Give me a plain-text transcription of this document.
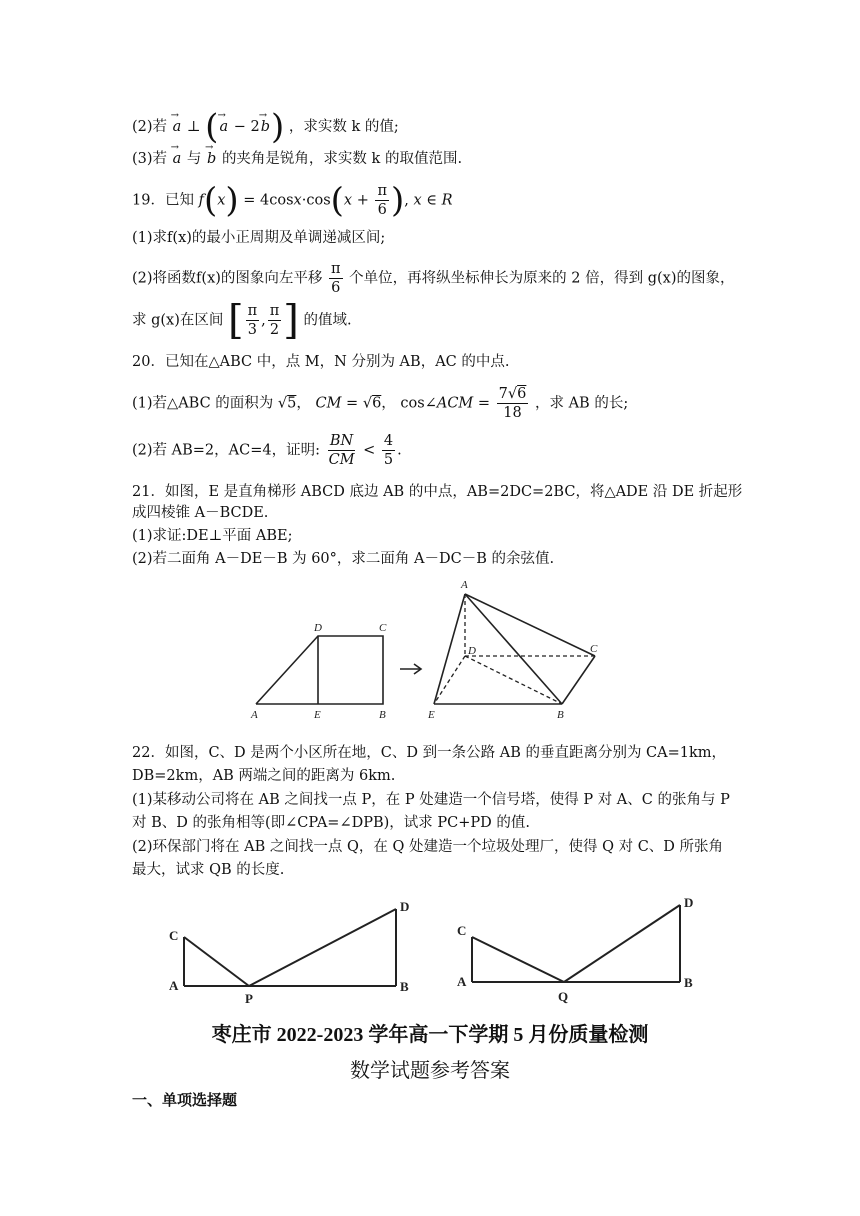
(2)若 → a ⊥ (→ a − 2→ b) ，求实数 k 的值;
(3)若 → a 与 → b 的夹角是锐角，求实数 k 的取值范围.
19．已知 $f(x) = 4\cos x\cdot\cos(x + \frac{\pi}{6}$ ), x ∈ R
(1)求f(x)的最小正周期及单调递减区间;
(2)将函数f(x)的图象向左平移 $\frac{\pi}{6}$ 个单位，再将纵坐标伸长为原来的 2 倍，得到 g(x)的图象，
求 g(x)在区间 [ $\frac{\pi}{3}$ , $\frac{\pi}{2}$ ] 的值域.
20．已知在△ABC 中，点 M，N 分别为 AB，AC 的中点.
(1)若△ABC 的面积为 √5， CM = √6， cos∠ACM = $\frac{7√6}{18}$ ，求 AB 的长;
(2)若 AB=2，AC=4，证明: $\frac{BN}{CM} < \frac{4}{5}$ .
21．如图，E 是直角梯形 ABCD 底边 AB 的中点，AB=2DC=2BC，将△ADE 沿 DE 折起形
成四棱锥 A－BCDE.
(1)求证:DE⊥平面 ABE;
(2)若二面角 A－DE－B 为 60°，求二面角 A－DC－B 的余弦值.
D	C
A	E	B
A
D	C
E	B
22．如图，C、D 是两个小区所在地，C、D 到一条公路 AB 的垂直距离分别为 CA=1km，
DB=2km，AB 两端之间的距离为 6km.
(1)某移动公司将在 AB 之间找一点 P，在 P 处建造一个信号塔，使得 P 对 A、C 的张角与 P
对 B、D 的张角相等(即∠CPA=∠DPB)，试求 PC+PD 的值.
(2)环保部门将在 AB 之间找一点 Q，在 Q 处建造一个垃圾处理厂，使得 Q 对 C、D 所张角
最大，试求 QB 的长度.
C
A
P
D
B
C
A
Q
D
B
枣庄市 2022-2023 学年高一下学期 5 月份质量检测
数学试题参考答案
一、单项选择题
